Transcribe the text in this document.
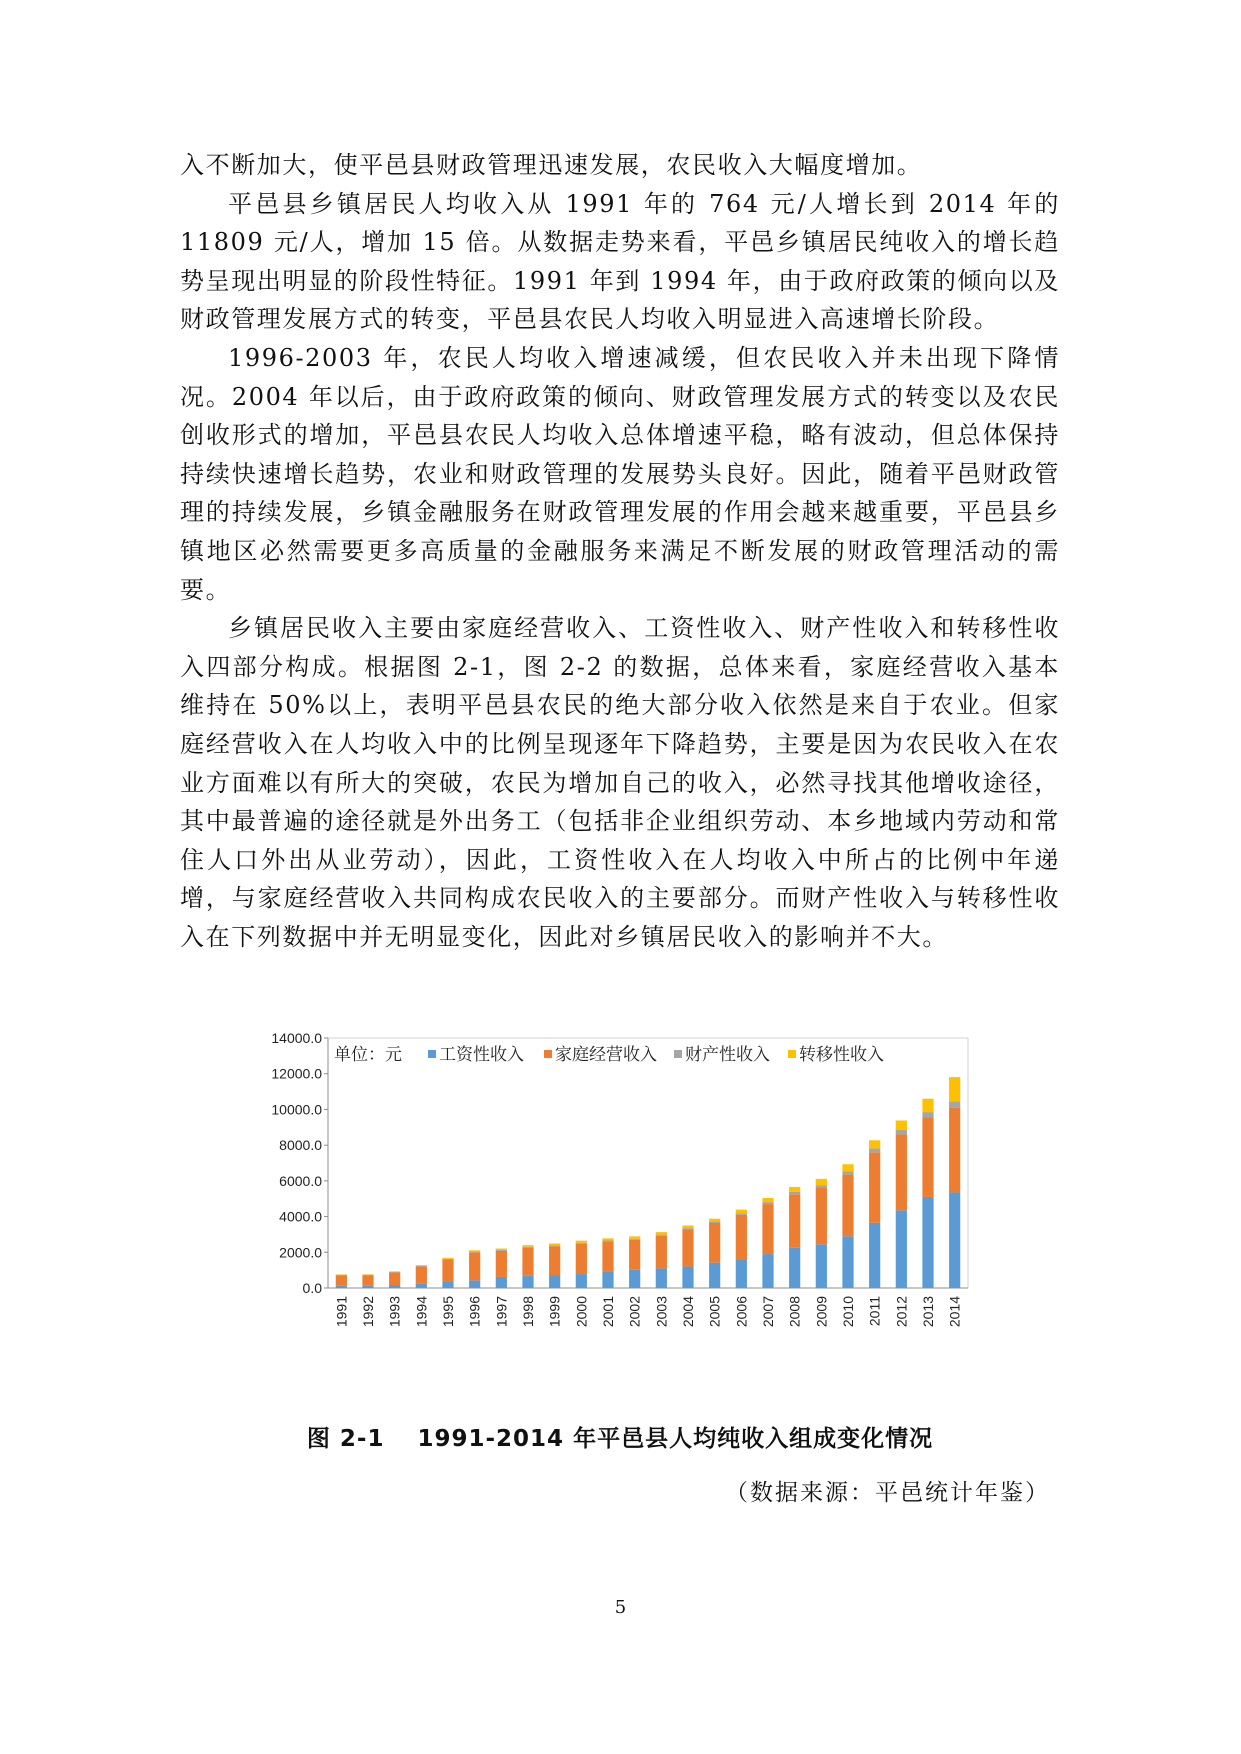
入不断加大，使平邑县财政管理迅速发展，农民收入大幅度增加。

平邑县乡镇居民人均收入从 1991 年的 764 元/人增长到 2014 年的 11809 元/人，增加 15 倍。从数据走势来看，平邑乡镇居民纯收入的增长趋势呈现出明显的阶段性特征。1991 年到 1994 年，由于政府政策的倾向以及财政管理发展方式的转变，平邑县农民人均收入明显进入高速增长阶段。

1996-2003 年，农民人均收入增速减缓，但农民收入并未出现下降情况。2004 年以后，由于政府政策的倾向、财政管理发展方式的转变以及农民创收形式的增加，平邑县农民人均收入总体增速平稳，略有波动，但总体保持持续快速增长趋势，农业和财政管理的发展势头良好。因此，随着平邑财政管理的持续发展，乡镇金融服务在财政管理发展的作用会越来越重要，平邑县乡镇地区必然需要更多高质量的金融服务来满足不断发展的财政管理活动的需要。

乡镇居民收入主要由家庭经营收入、工资性收入、财产性收入和转移性收入四部分构成。根据图 2-1，图 2-2 的数据，总体来看，家庭经营收入基本维持在 50%以上，表明平邑县农民的绝大部分收入依然是来自于农业。但家庭经营收入在人均收入中的比例呈现逐年下降趋势，主要是因为农民收入在农业方面难以有所大的突破，农民为增加自己的收入，必然寻找其他增收途径，其中最普遍的途径就是外出务工（包括非企业组织劳动、本乡地域内劳动和常住人口外出从业劳动），因此，工资性收入在人均收入中所占的比例中年递增，与家庭经营收入共同构成农民收入的主要部分。而财产性收入与转移性收入在下列数据中并无明显变化，因此对乡镇居民收入的影响并不大。

0.0
2000.0
4000.0
6000.0
8000.0
10000.0
12000.0
14000.0
1991 1992 1993 1994 1995 1996 1997 1998 1999 2000 2001 2002 2003 2004 2005 2006 2007 2008 2009 2010 2011 2012 2013 2014
单位：元 工资性收入 家庭经营收入 财产性收入 转移性收入
图 2-1　 1991-2014 年平邑县人均纯收入组成变化情况
（数据来源：平邑统计年鉴）
5
